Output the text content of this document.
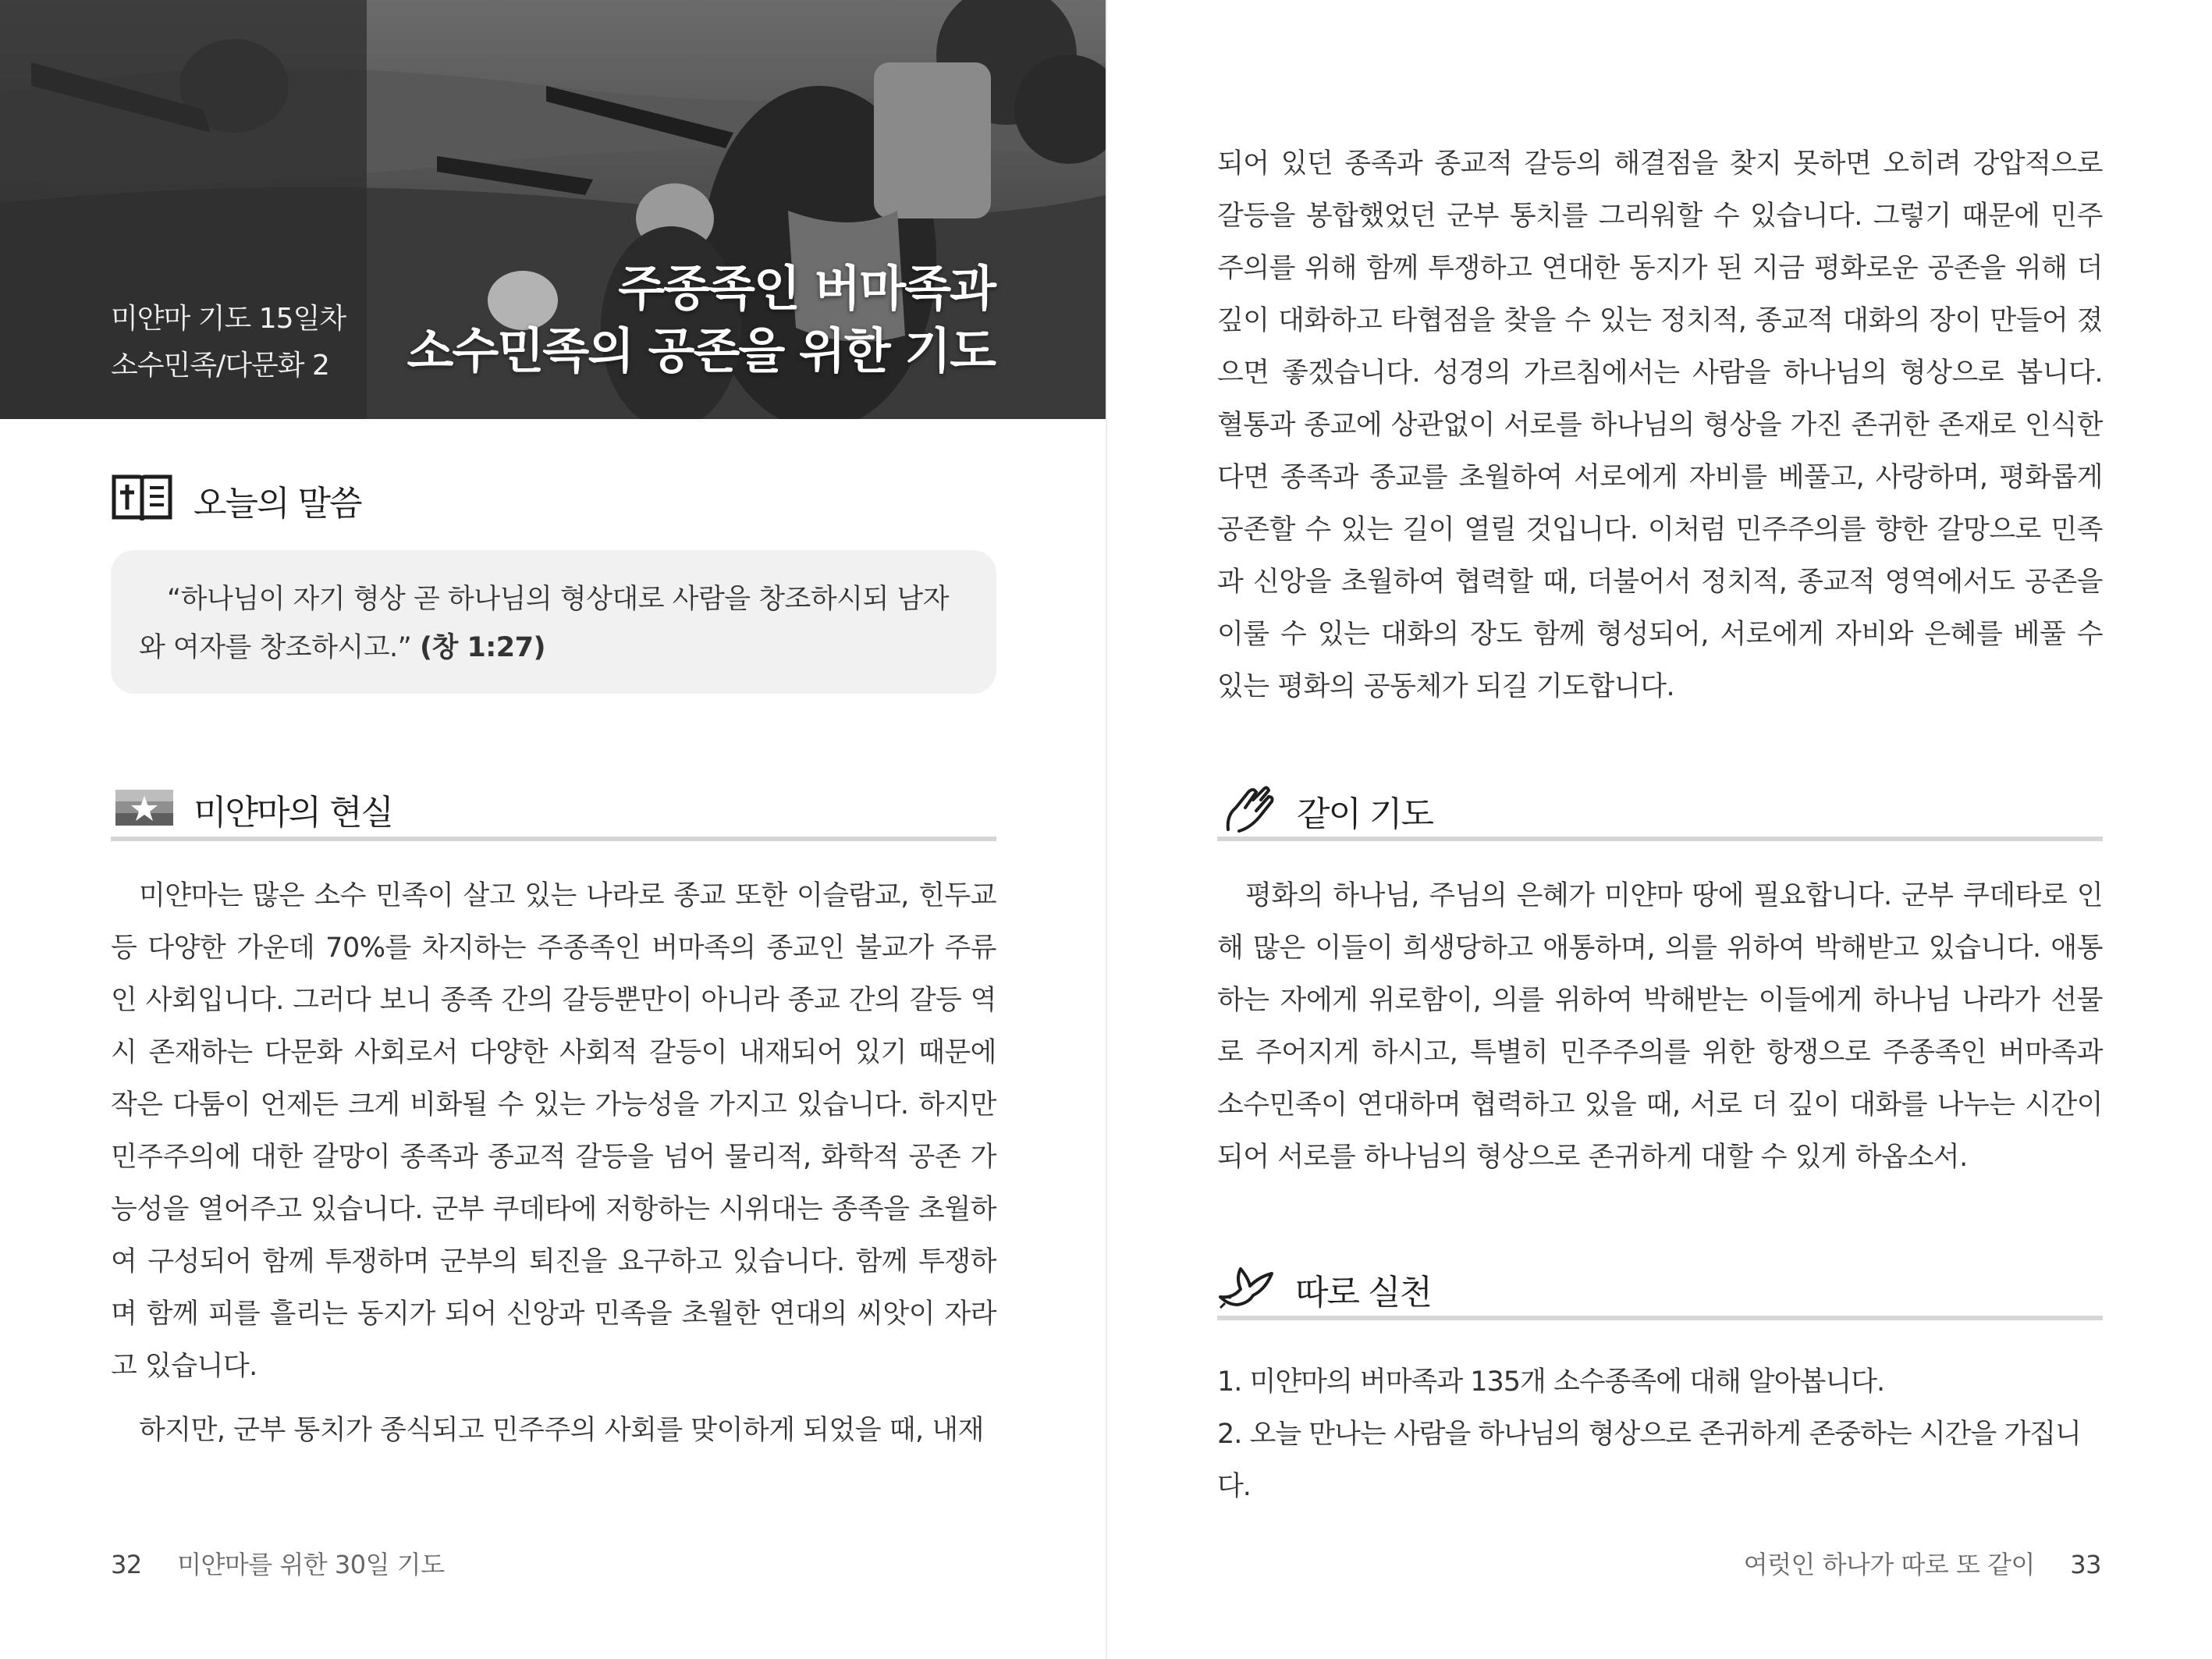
미얀마 기도 15일차
소수민족/다문화 2
주종족인 버마족과
소수민족의 공존을 위한 기도
오늘의 말씀
“하나님이 자기 형상 곧 하나님의 형상대로 사람을 창조하시되 남자와 여자를 창조하시고.” (창 1:27)
미얀마의 현실
미얀마는 많은 소수 민족이 살고 있는 나라로 종교 또한 이슬람교, 힌두교 등 다양한 가운데 70%를 차지하는 주종족인 버마족의 종교인 불교가 주류인 사회입니다. 그러다 보니 종족 간의 갈등뿐만이 아니라 종교 간의 갈등 역시 존재하는 다문화 사회로서 다양한 사회적 갈등이 내재되어 있기 때문에 작은 다툼이 언제든 크게 비화될 수 있는 가능성을 가지고 있습니다. 하지만 민주주의에 대한 갈망이 종족과 종교적 갈등을 넘어 물리적, 화학적 공존 가능성을 열어주고 있습니다. 군부 쿠데타에 저항하는 시위대는 종족을 초월하여 구성되어 함께 투쟁하며 군부의 퇴진을 요구하고 있습니다. 함께 투쟁하며 함께 피를 흘리는 동지가 되어 신앙과 민족을 초월한 연대의 씨앗이 자라고 있습니다.
하지만, 군부 통치가 종식되고 민주주의 사회를 맞이하게 되었을 때, 내재
32 미얀마를 위한 30일 기도
되어 있던 종족과 종교적 갈등의 해결점을 찾지 못하면 오히려 강압적으로 갈등을 봉합했었던 군부 통치를 그리워할 수 있습니다. 그렇기 때문에 민주주의를 위해 함께 투쟁하고 연대한 동지가 된 지금 평화로운 공존을 위해 더 깊이 대화하고 타협점을 찾을 수 있는 정치적, 종교적 대화의 장이 만들어 졌으면 좋겠습니다. 성경의 가르침에서는 사람을 하나님의 형상으로 봅니다. 혈통과 종교에 상관없이 서로를 하나님의 형상을 가진 존귀한 존재로 인식한다면 종족과 종교를 초월하여 서로에게 자비를 베풀고, 사랑하며, 평화롭게 공존할 수 있는 길이 열릴 것입니다. 이처럼 민주주의를 향한 갈망으로 민족과 신앙을 초월하여 협력할 때, 더불어서 정치적, 종교적 영역에서도 공존을 이룰 수 있는 대화의 장도 함께 형성되어, 서로에게 자비와 은혜를 베풀 수 있는 평화의 공동체가 되길 기도합니다.
같이 기도
평화의 하나님, 주님의 은혜가 미얀마 땅에 필요합니다. 군부 쿠데타로 인해 많은 이들이 희생당하고 애통하며, 의를 위하여 박해받고 있습니다. 애통하는 자에게 위로함이, 의를 위하여 박해받는 이들에게 하나님 나라가 선물로 주어지게 하시고, 특별히 민주주의를 위한 항쟁으로 주종족인 버마족과 소수민족이 연대하며 협력하고 있을 때, 서로 더 깊이 대화를 나누는 시간이 되어 서로를 하나님의 형상으로 존귀하게 대할 수 있게 하옵소서.
따로 실천
1. 미얀마의 버마족과 135개 소수종족에 대해 알아봅니다.
2. 오늘 만나는 사람을 하나님의 형상으로 존귀하게 존중하는 시간을 가집니다.
여럿인 하나가 따로 또 같이 33
